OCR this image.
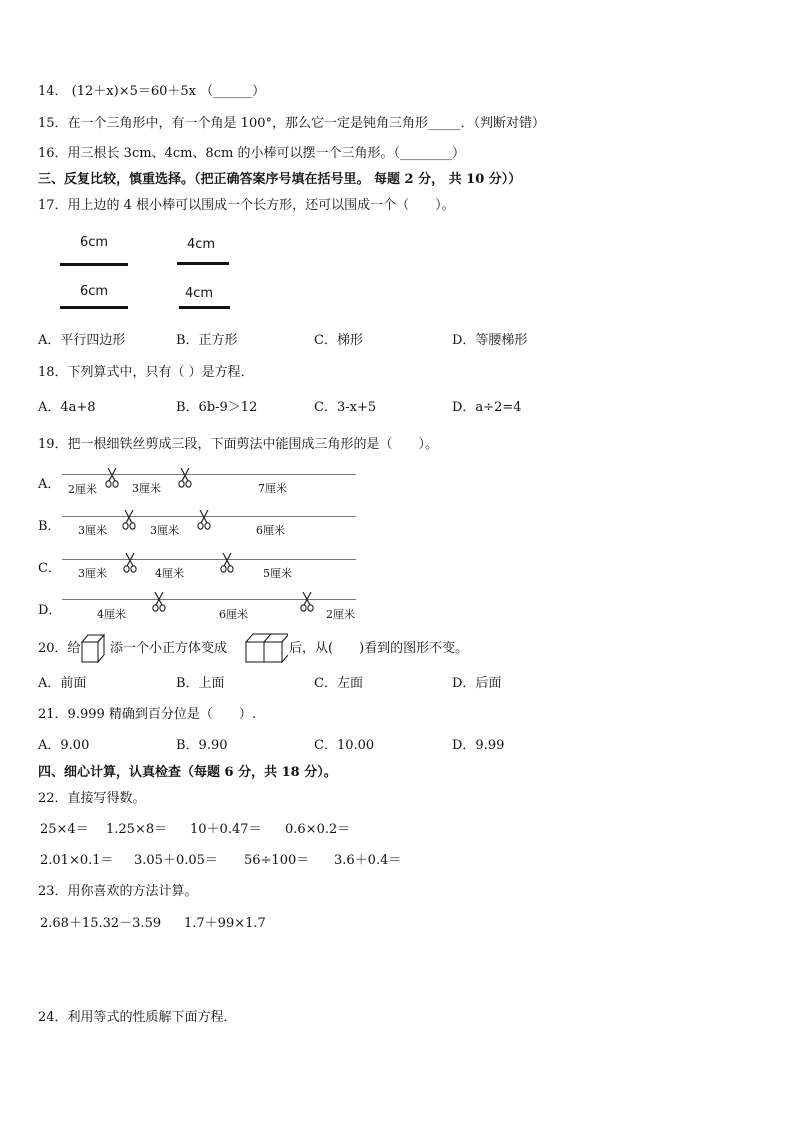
14． (12＋x)×5＝60＋5x （______）
15．在一个三角形中，有一个角是 100°，那么它一定是钝角三角形_____．（判断对错）
16．用三根长 3cm、4cm、8cm 的小棒可以摆一个三角形。（________）
三、反复比较，慎重选择。（把正确答案序号填在括号里。 每题 2 分， 共 10 分））
17．用上边的 4 根小棒可以围成一个长方形，还可以围成一个（　　）。
6cm	4cm
6cm	4cm
A．平行四边形	B．正方形	C．梯形	D．等腰梯形
18．下列算式中，只有（ ）是方程．
A．4a+8	B．6b-9＞12	C．3-x+5	D．a÷2=4
19．把一根细铁丝剪成三段，下面剪法中能围成三角形的是（　　）。
A． 2厘米	3厘米	7厘米
B． 3厘米	3厘米	6厘米
C． 3厘米	4厘米	5厘米
D．	4厘米	6厘米	2厘米
20．给 添一个小正方体变成	后，从(　　)看到的图形不变。
A．前面	B．上面	C．左面	D．后面
21．9.999 精确到百分位是（　　）.
A．9.00	B．9.90	C．10.00	D．9.99
四、细心计算，认真检查（每题 6 分，共 18 分）。
22．直接写得数。
25×4＝ 1.25×8＝ 10＋0.47＝ 0.6×0.2＝
2.01×0.1＝ 3.05＋0.05＝ 56÷100＝ 3.6＋0.4＝
23．用你喜欢的方法计算。
2.68＋15.32－3.59 1.7＋99×1.7
24．利用等式的性质解下面方程．
